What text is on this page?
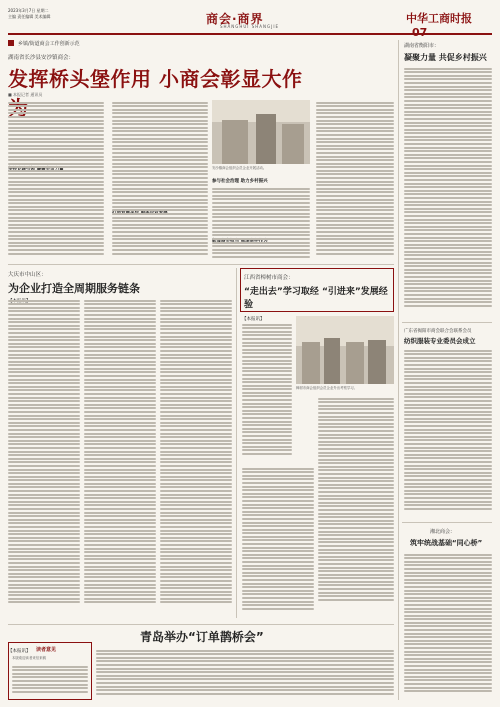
2023年3月7日 星期二
主编 责任编辑 美术编辑	商会·商界
SHANGHUI SHANGJIE
中华工商时报
乡镇/街道商会工作创新示范
湖南省长沙县安沙镇商会：
发挥桥头堡作用 小商会彰显大作
■ 本报记者 通讯员
安沙镇商会组织会员企业开展活动。
参与社会治理 助力乡村振兴
大庆市中山区：
为企业打造全周期服务链条
江西省樟树市商会：
“走出去”学习取经 “引进来”发展经验
【本报讯】
樟树市商会组织会员企业外出考察学习。
青岛举办“订单鹊桥会”
【本报讯】 读者意见
本版欢迎读者来信来稿
湖南省衡阳市：
凝聚力量 共促乡村振兴
广东省揭阳市商会联合会联系会员
纺织服装专业委员会成立
湘北商会：
筑牢统战基础“同心桥”
